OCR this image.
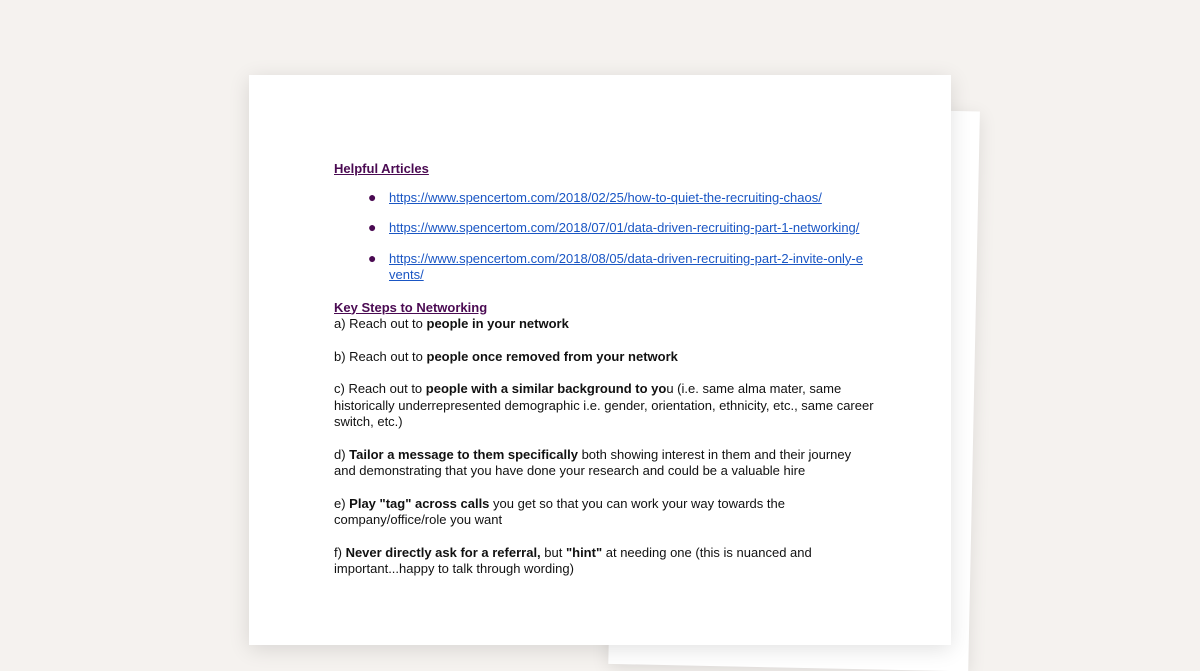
Helpful Articles

● https://www.spencertom.com/2018/02/25/how-to-quiet-the-recruiting-chaos/
● https://www.spencertom.com/2018/07/01/data-driven-recruiting-part-1-networking/
● https://www.spencertom.com/2018/08/05/data-driven-recruiting-part-2-invite-only-events/

Key Steps to Networking

a) Reach out to people in your network

b) Reach out to people once removed from your network

c) Reach out to people with a similar background to you (i.e. same alma mater, same historically underrepresented demographic i.e. gender, orientation, ethnicity, etc., same career switch, etc.)

d) Tailor a message to them specifically both showing interest in them and their journey and demonstrating that you have done your research and could be a valuable hire

e) Play "tag" across calls you get so that you can work your way towards the company/office/role you want

f) Never directly ask for a referral, but "hint" at needing one (this is nuanced and important...happy to talk through wording)
